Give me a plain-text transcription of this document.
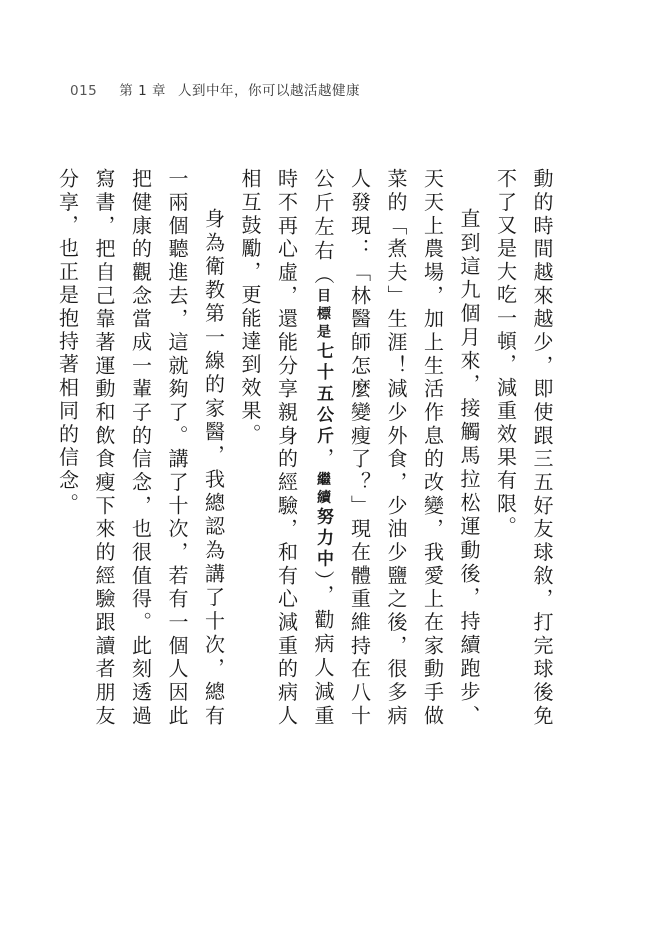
015 第 1 章 人到中年，你可以越活越健康

動的時間越來越少，即使跟三五好友球敘，打完球後免不了又是大吃一頓，減重效果有限。

直到這九個月來，接觸馬拉松運動後，持續跑步、天天上農場，加上生活作息的改變，我愛上在家動手做菜的「煮夫」生涯！減少外食，少油少鹽之後，很多病人發現：「林醫師怎麼變瘦了？」現在體重維持在八十公斤左右（目標是七十五公斤，繼續努力中），勸病人減重時不再心虛，還能分享親身的經驗，和有心減重的病人相互鼓勵，更能達到效果。

身為衛教第一線的家醫，我總認為講了十次，總有一兩個聽進去，這就夠了。講了十次，若有一個人因此把健康的觀念當成一輩子的信念，也很值得。此刻透過寫書，把自己靠著運動和飲食瘦下來的經驗跟讀者朋友分享，也正是抱持著相同的信念。
